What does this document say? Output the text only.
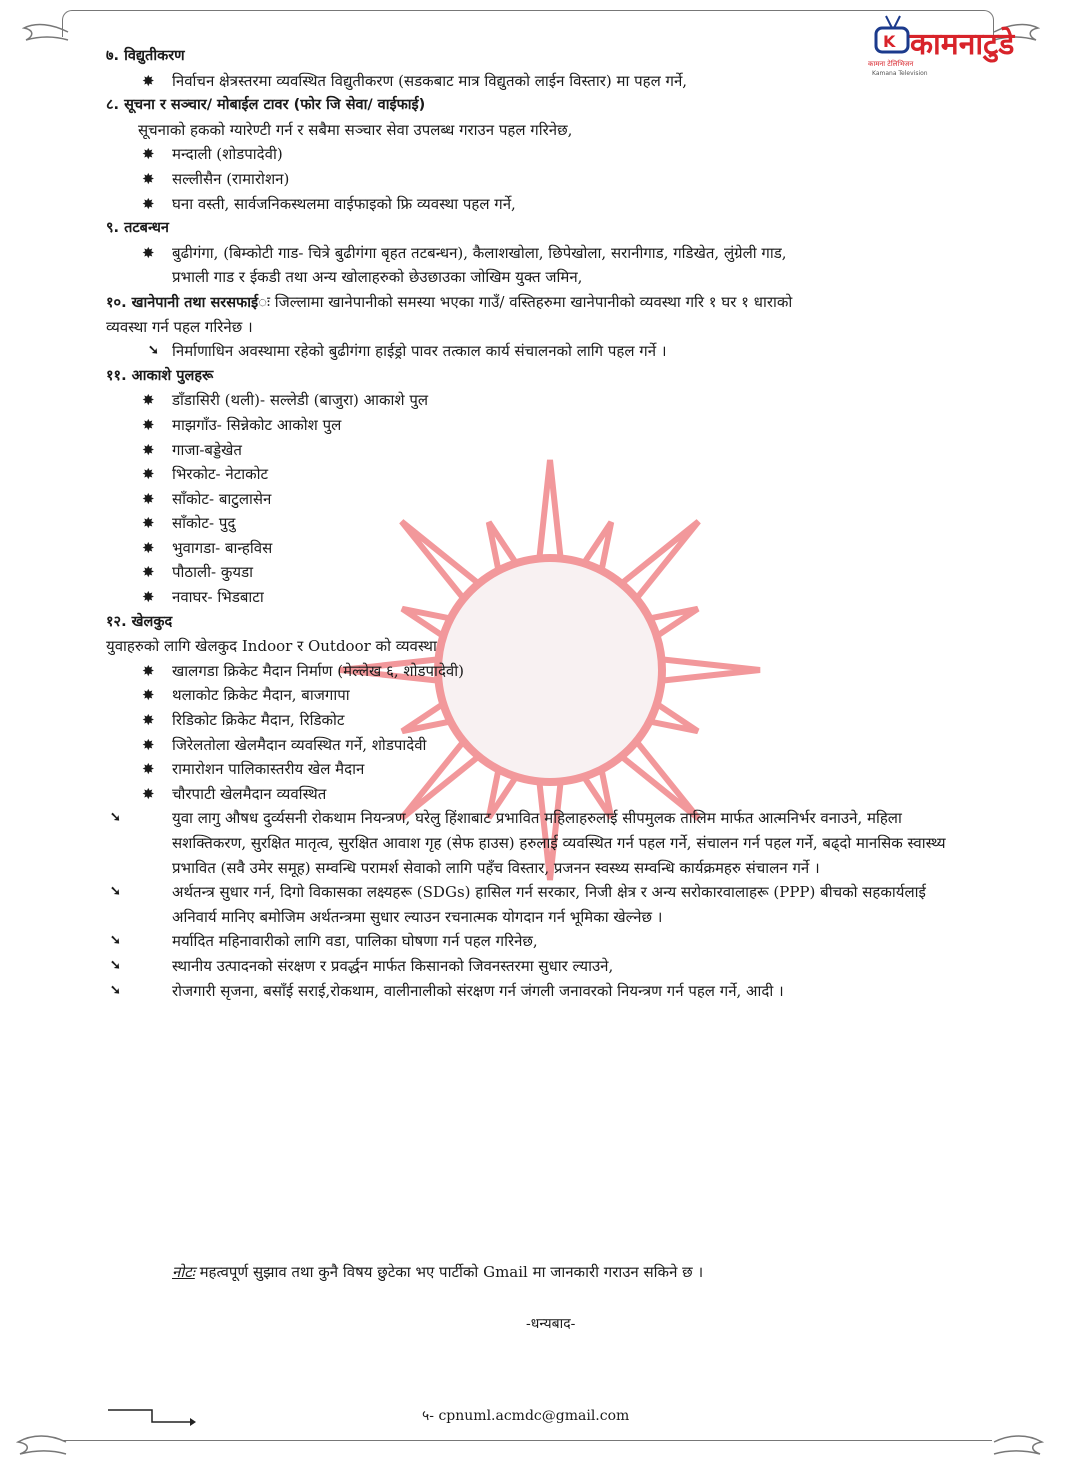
K कामनाटुडे
कामना टेलिभिजन
Kamana Television
७. विद्युतीकरण
✸ निर्वाचन क्षेत्रस्तरमा व्यवस्थित विद्युतीकरण (सडकबाट मात्र विद्युतको लाईन विस्तार) मा पहल गर्ने,
८. सूचना र सञ्चार/ मोबाईल टावर (फोर जि सेवा/ वाईफाई)
सूचनाको हकको ग्यारेण्टी गर्न र सबैमा सञ्चार सेवा उपलब्ध गराउन पहल गरिनेछ,
✸ मन्दाली (शोडपादेवी)
✸ सल्लीसैन (रामारोशन)
✸ घना वस्ती, सार्वजनिकस्थलमा वाईफाइको फ्रि व्यवस्था पहल गर्ने,
९. तटबन्धन
✸ बुढीगंगा, (बिम्कोटी गाड- चित्रे बुढीगंगा बृहत तटबन्धन), कैलाशखोला, छिपेखोला, सरानीगाड, गडिखेत, लुंग्रेली गाड,
प्रभाली गाड र ईकडी तथा अन्य खोलाहरुको छेउछाउका जोखिम युक्त जमिन,
१०. खानेपानी तथा सरसफाईः जिल्लामा खानेपानीको समस्या भएका गाउँ/ वस्तिहरुमा खानेपानीको व्यवस्था गरि १ घर १ धाराको
व्यवस्था गर्न पहल गरिनेछ ।
➘ निर्माणाधिन अवस्थामा रहेको बुढीगंगा हाईड्रो पावर तत्काल कार्य संचालनको लागि पहल गर्ने ।
११. आकाशे पुलहरू
✸ डाँडासिरी (थली)- सल्लेडी (बाजुरा) आकाशे पुल
✸ माझगाँउ- सिन्नेकोट आकोश पुल
✸ गाजा-बड्डेखेत
✸ भिरकोट- नेटाकोट
✸ साँकोट- बाटुलासेन
✸ साँकोट- पुदु
✸ भुवागडा- बान्हविस
✸ पौठाली- कुयडा
✸ नवाघर- भिडबाटा
१२. खेलकुद
युवाहरुको लागि खेलकुद Indoor र Outdoor को व्यवस्था
✸ खालगडा क्रिकेट मैदान निर्माण (मेल्लेख ६, शोडपादेवी)
✸ थलाकोट क्रिकेट मैदान, बाजगापा
✸ रिडिकोट क्रिकेट मैदान, रिडिकोट
✸ जिरेलतोला खेलमैदान व्यवस्थित गर्ने, शोडपादेवी
✸ रामारोशन पालिकास्तरीय खेल मैदान
✸ चौरपाटी खेलमैदान व्यवस्थित
➘	युवा लागु औषध दुर्व्यसनी रोकथाम नियन्त्रण, घरेलु हिंशाबाट प्रभावित महिलाहरुलाई सीपमुलक तालिम मार्फत आत्मनिर्भर वनाउने, महिला सशक्तिकरण, सुरक्षित मातृत्व, सुरक्षित आवाश गृह (सेफ हाउस) हरुलाई व्यवस्थित गर्न पहल गर्ने, संचालन गर्न पहल गर्ने, बढ्दो मानसिक स्वास्थ्य प्रभावित (सवै उमेर समूह) सम्वन्धि परामर्श सेवाको लागि पहँच विस्तार, प्रजनन स्वस्थ्य सम्वन्धि कार्यक्रमहरु संचालन गर्ने ।
➘	अर्थतन्त्र सुधार गर्न, दिगो विकासका लक्ष्यहरू (SDGs) हासिल गर्न सरकार, निजी क्षेत्र र अन्य सरोकारवालाहरू (PPP) बीचको सहकार्यलाई अनिवार्य मानिए बमोजिम अर्थतन्त्रमा सुधार ल्याउन रचनात्मक योगदान गर्न भूमिका खेल्नेछ ।
➘	मर्यादित महिनावारीको लागि वडा, पालिका घोषणा गर्न पहल गरिनेछ,
➘	स्थानीय उत्पादनको संरक्षण र प्रवर्द्धन मार्फत किसानको जिवनस्तरमा सुधार ल्याउने,
➘	रोजगारी सृजना, बसाँई सराई,रोकथाम, वालीनालीको संरक्षण गर्न जंगली जनावरको नियन्त्रण गर्न पहल गर्ने, आदी ।
नोटः महत्वपूर्ण सुझाव तथा कुनै विषय छुटेका भए पार्टीको Gmail मा जानकारी गराउन सकिने छ ।
-धन्यबाद-
५- cpnuml.acmdc@gmail.com
